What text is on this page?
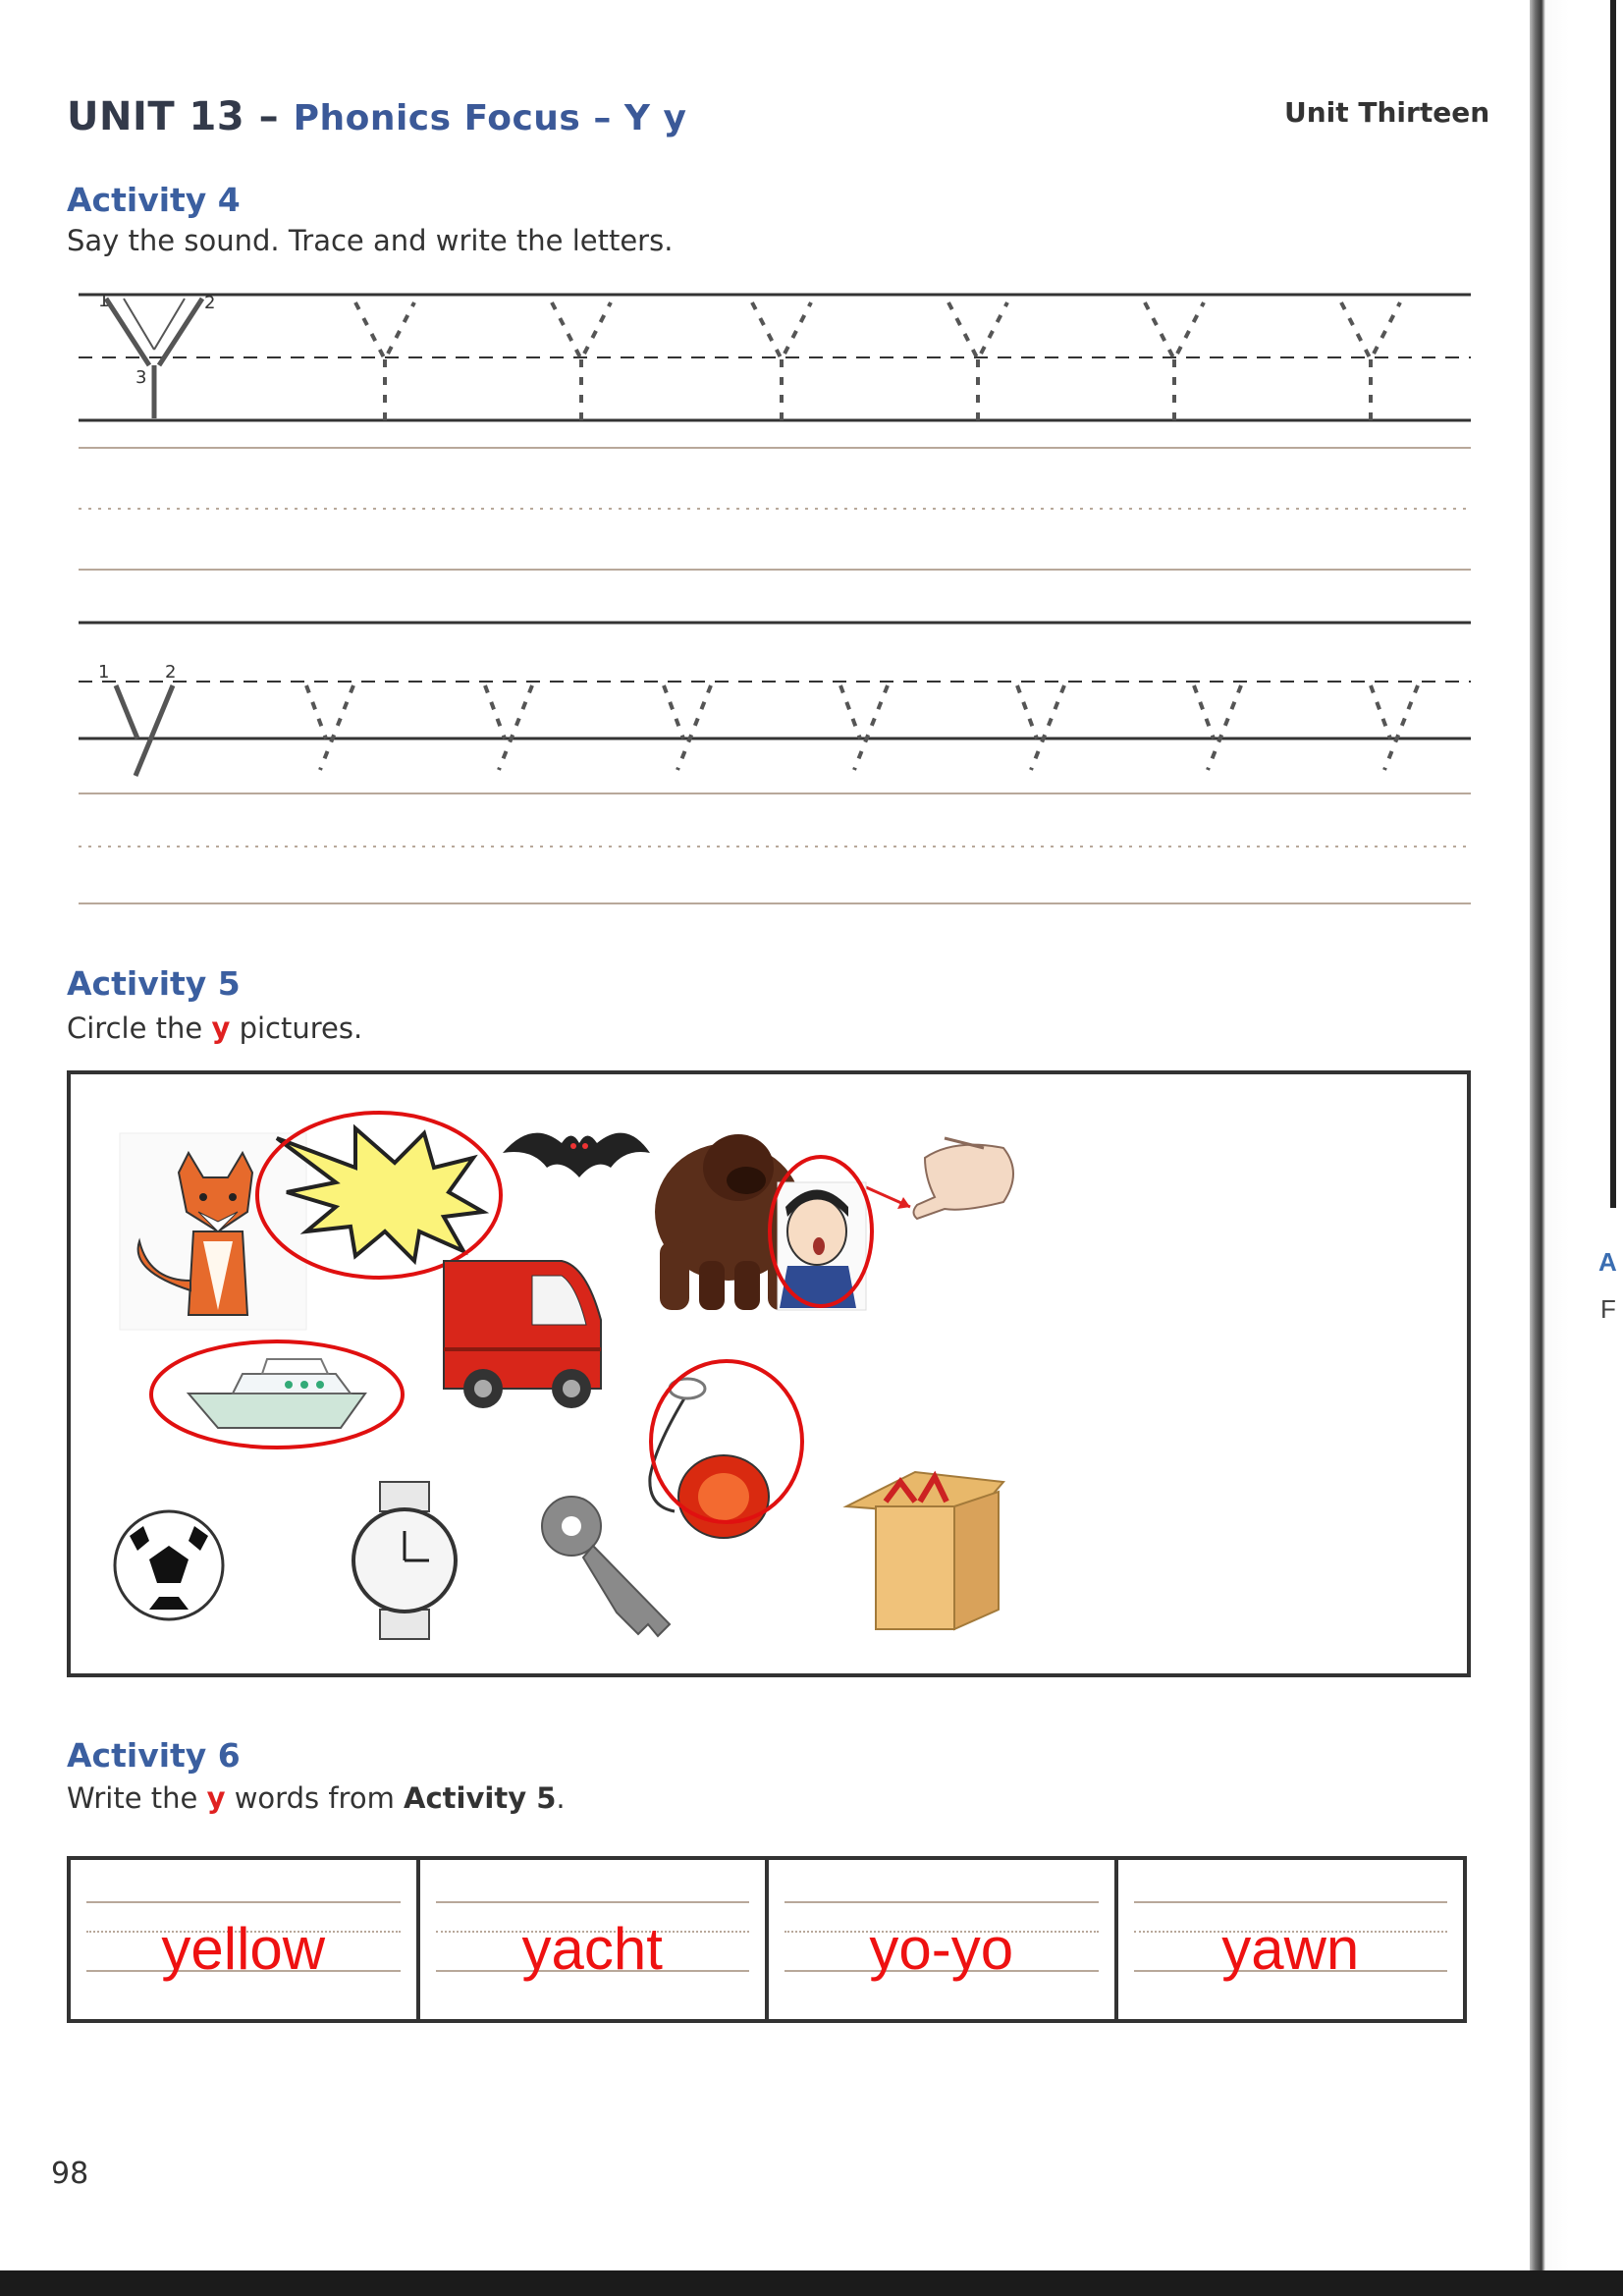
A
F
UNIT 13 – Phonics Focus – Y y	Unit Thirteen
Activity 4
Say the sound. Trace and write the letters.
1	2
3
1	2
Activity 5
Circle the y pictures.
Activity 6
Write the y words from Activity 5.
yellow	yacht	yo-yo	yawn
98
